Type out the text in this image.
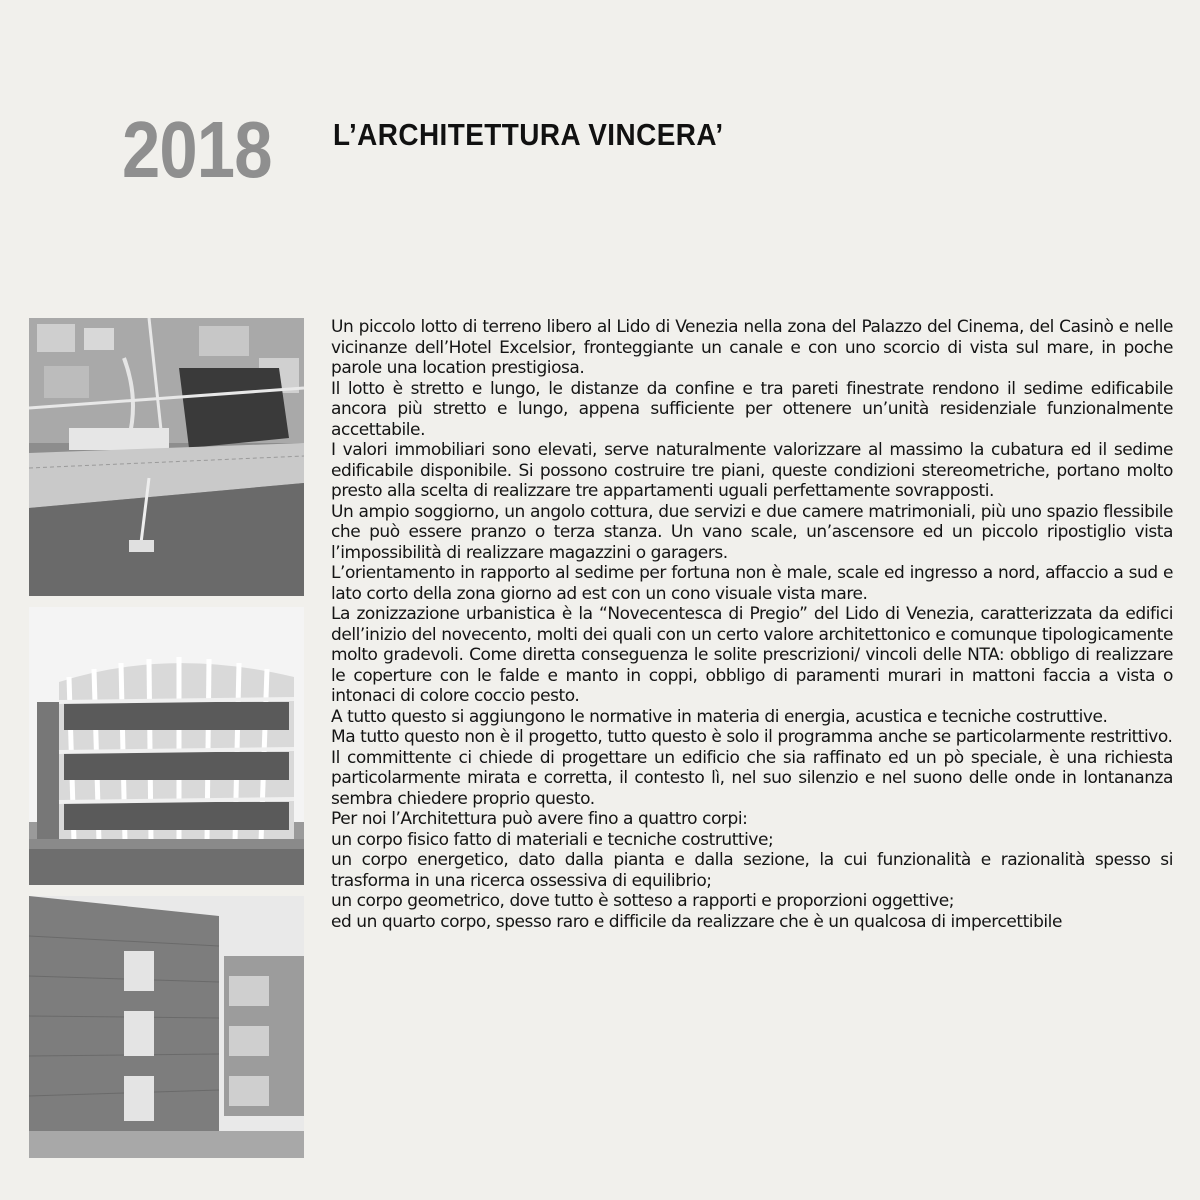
2018 L’ARCHITETTURA VINCERA’

Un piccolo lotto di terreno libero al Lido di Venezia nella zona del Palazzo del Cinema, del Casinò e nelle vicinanze dell’Hotel Excelsior, fronteggiante un canale e con uno scorcio di vista sul mare, in poche parole una location prestigiosa.

Il lotto è stretto e lungo, le distanze da confine e tra pareti finestrate rendono il sedime edificabile ancora più stretto e lungo, appena sufficiente per ottenere un’unità residenziale funzionalmente accettabile.

I valori immobiliari sono elevati, serve naturalmente valorizzare al massimo la cubatura ed il sedime edificabile disponibile. Si possono costruire tre piani, queste condizioni stereometriche, portano molto presto alla scelta di realizzare tre appartamenti uguali perfettamente sovrapposti.

Un ampio soggiorno, un angolo cottura, due servizi e due camere matrimoniali, più uno spazio flessibile che può essere pranzo o terza stanza. Un vano scale, un’ascensore ed un piccolo ripostiglio vista l’impossibilità di realizzare magazzini o garagers.

L’orientamento in rapporto al sedime per fortuna non è male, scale ed ingresso a nord, affaccio a sud e lato corto della zona giorno ad est con un cono visuale vista mare.

La zonizzazione urbanistica è la “Novecentesca di Pregio” del Lido di Venezia, caratterizzata da edifici dell’inizio del novecento, molti dei quali con un certo valore architettonico e comunque tipologicamente molto gradevoli. Come diretta conseguenza le solite prescrizioni/ vincoli delle NTA: obbligo di realizzare le coperture con le falde e manto in coppi, obbligo di paramenti murari in mattoni faccia a vista o intonaci di colore coccio pesto.

A tutto questo si aggiungono le normative in materia di energia, acustica e tecniche costruttive.

Ma tutto questo non è il progetto, tutto questo è solo il programma anche se particolarmente restrittivo.

Il committente ci chiede di progettare un edificio che sia raffinato ed un pò speciale, è una richiesta particolarmente mirata e corretta, il contesto lì, nel suo silenzio e nel suono delle onde in lontananza sembra chiedere proprio questo.

Per noi l’Architettura può avere fino a quattro corpi:

un corpo fisico fatto di materiali e tecniche costruttive;

un corpo energetico, dato dalla pianta e dalla sezione, la cui funzionalità e razionalità spesso si trasforma in una ricerca ossessiva di equilibrio;

un corpo geometrico, dove tutto è sotteso a rapporti e proporzioni oggettive;

ed un quarto corpo, spesso raro e difficile da realizzare che è un qualcosa di impercettibile
